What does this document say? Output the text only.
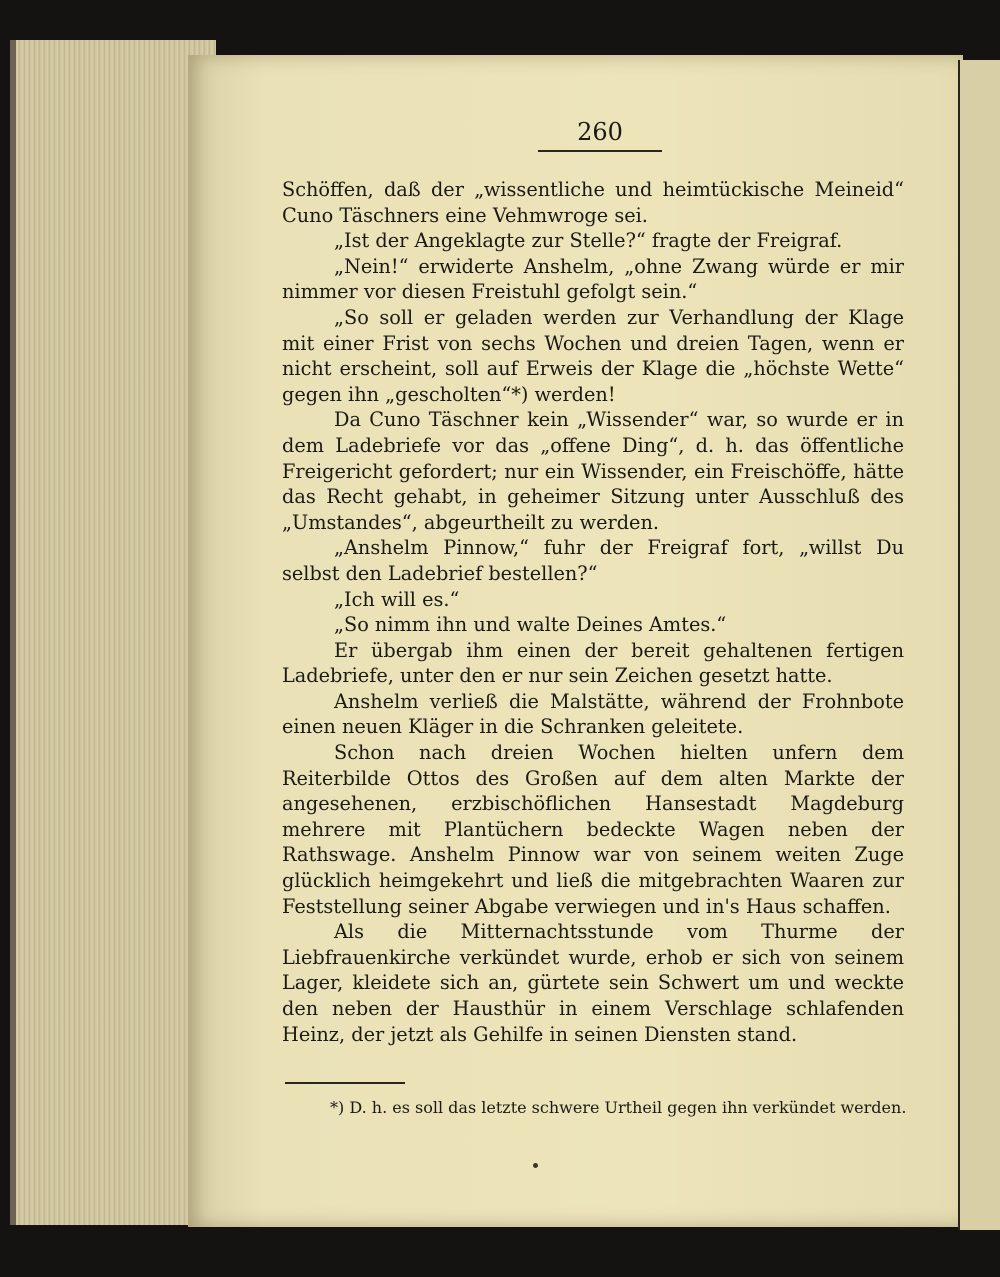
260

Schöffen, daß der „wissentliche und heimtückische Meineid“ Cuno Täschners eine Vehmwroge sei.

„Ist der Angeklagte zur Stelle?“ fragte der Freigraf.

„Nein!“ erwiderte Anshelm, „ohne Zwang würde er mir nimmer vor diesen Freistuhl gefolgt sein.“

„So soll er geladen werden zur Verhandlung der Klage mit einer Frist von sechs Wochen und dreien Tagen, wenn er nicht erscheint, soll auf Erweis der Klage die „höchste Wette“ gegen ihn „gescholten“*) werden!

Da Cuno Täschner kein „Wissender“ war, so wurde er in dem Ladebriefe vor das „offene Ding“, d. h. das öffentliche Freigericht gefordert; nur ein Wissender, ein Freischöffe, hätte das Recht gehabt, in geheimer Sitzung unter Ausschluß des „Umstandes“, abgeurtheilt zu werden.

„Anshelm Pinnow,“ fuhr der Freigraf fort, „willst Du selbst den Ladebrief bestellen?“

„Ich will es.“

„So nimm ihn und walte Deines Amtes.“

Er übergab ihm einen der bereit gehaltenen fertigen Ladebriefe, unter den er nur sein Zeichen gesetzt hatte.

Anshelm verließ die Malstätte, während der Frohnbote einen neuen Kläger in die Schranken geleitete.

Schon nach dreien Wochen hielten unfern dem Reiterbilde Ottos des Großen auf dem alten Markte der angesehenen, erzbischöflichen Hansestadt Magdeburg mehrere mit Plantüchern bedeckte Wagen neben der Rathswage. Anshelm Pinnow war von seinem weiten Zuge glücklich heimgekehrt und ließ die mitgebrachten Waaren zur Feststellung seiner Abgabe verwiegen und in's Haus schaffen.

Als die Mitternachtsstunde vom Thurme der Liebfrauenkirche verkündet wurde, erhob er sich von seinem Lager, kleidete sich an, gürtete sein Schwert um und weckte den neben der Hausthür in einem Verschlage schlafenden Heinz, der jetzt als Gehilfe in seinen Diensten stand.

*) D. h. es soll das letzte schwere Urtheil gegen ihn verkündet werden.
